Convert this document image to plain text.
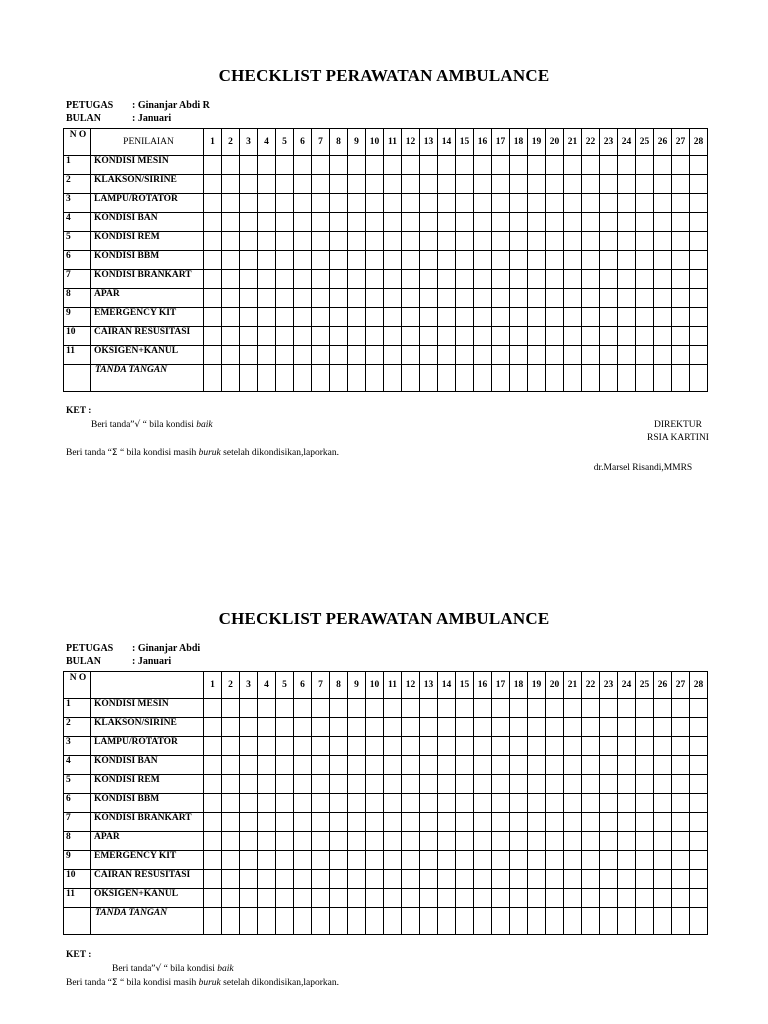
CHECKLIST PERAWATAN AMBULANCE
PETUGAS : Ginanjar Abdi R
BULAN	: Januari
N O	PENILAIAN	1	2	3	4	5	6	7	8	9	10	11	12	13	14	15	16	17	18	19	20	21	22	23	24	25	26	27	28
1	KONDISI MESIN																												
2	KLAKSON/SIRINE																												
3	LAMPU/ROTATOR																												
4	KONDISI BAN																												
5	KONDISI REM																												
6	KONDISI BBM																												
7	KONDISI BRANKART																												
8	APAR																												
9	EMERGENCY KIT																												
10	CAIRAN RESUSITASI																												
11	OKSIGEN+KANUL																												
	TANDA TANGAN																												
KET :
Beri tanda”√ “ bila kondisi baik
Beri tanda “Σ “ bila kondisi masih buruk setelah dikondisikan,laporkan.
DIREKTUR
RSIA KARTINI
dr.Marsel Risandi,MMRS
CHECKLIST PERAWATAN AMBULANCE
PETUGAS : Ginanjar Abdi
BULAN	: Januari
N O		1	2	3	4	5	6	7	8	9	10	11	12	13	14	15	16	17	18	19	20	21	22	23	24	25	26	27	28
1	KONDISI MESIN																												
2	KLAKSON/SIRINE																												
3	LAMPU/ROTATOR																												
4	KONDISI BAN																												
5	KONDISI REM																												
6	KONDISI BBM																												
7	KONDISI BRANKART																												
8	APAR																												
9	EMERGENCY KIT																												
10	CAIRAN RESUSITASI																												
11	OKSIGEN+KANUL																												
	TANDA TANGAN																												
KET :
Beri tanda”√ “ bila kondisi baik
Beri tanda “Σ “ bila kondisi masih buruk setelah dikondisikan,laporkan.
